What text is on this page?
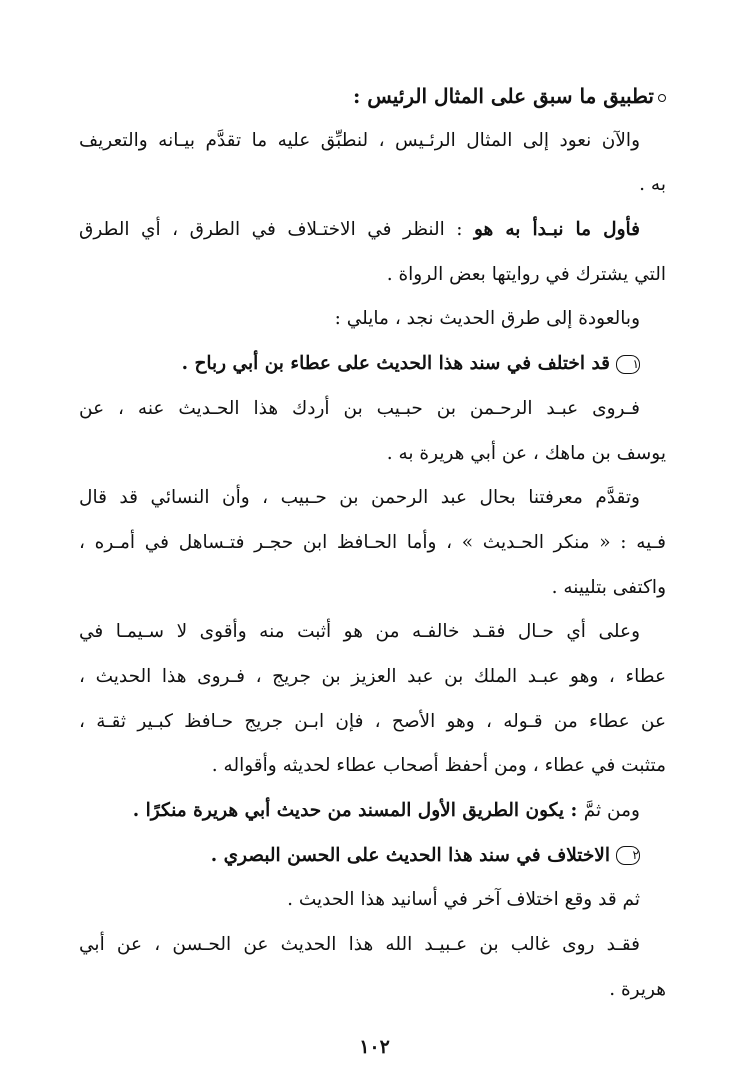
تطبيق ما سبق على المثال الرئيس :

والآن نعود إلى المثال الرئـيس ، لنطبِّق عليه ما تقدَّم بيـانه والتعريف

به .

فأول ما نبـدأ به هو : النظر في الاختـلاف في الطرق ، أي الطرق

التي يشترك في روايتها بعض الرواة .

وبالعودة إلى طرق الحديث نجد ، مايلي :

١قد اختلف في سند هذا الحديث على عطاء بن أبي رباح .

فـروى عبـد الرحـمن بن حبـيب بن أردك هذا الحـديث عنه ، عن

يوسف بن ماهك ، عن أبي هريرة به .

وتقدَّم معرفتنا بحال عبد الرحمن بن حـبيب ، وأن النسائي قد قال

فـيه : « منكر الحـديث » ، وأما الحـافظ ابن حجـر فتـساهل في أمـره ،

واكتفى بتليينه .

وعلى أي حـال فقـد خالفـه من هو أثبت منه وأقوى لا سـيمـا في

عطاء ، وهو عبـد الملك بن عبد العزيز بن جريج ، فـروى هذا الحديث ،

عن عطاء من قـوله ، وهو الأصح ، فإن ابـن جريج حـافظ كبـير ثقـة ،

متثبت في عطاء ، ومن أحفظ أصحاب عطاء لحديثه وأقواله .

ومن ثمَّ : يكون الطريق الأول المسند من حديث أبي هريرة منكرًا .

٢الاختلاف في سند هذا الحديث على الحسن البصري .

ثم قد وقع اختلاف آخر في أسانيد هذا الحديث .

فقـد روى غالب بن عـبيـد الله هذا الحديث عن الحـسن ، عن أبي

هريرة .

١٠٢
